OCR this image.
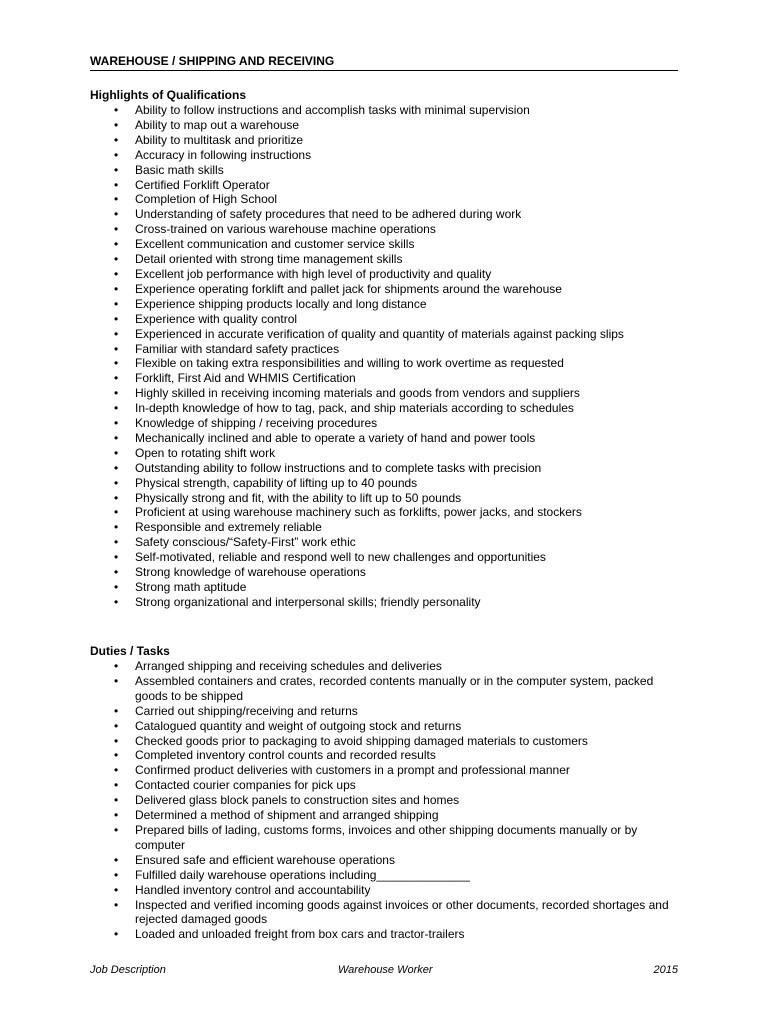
WAREHOUSE / SHIPPING AND RECEIVING
Highlights of Qualifications
• Ability to follow instructions and accomplish tasks with minimal supervision
• Ability to map out a warehouse
• Ability to multitask and prioritize
• Accuracy in following instructions
• Basic math skills
• Certified Forklift Operator
• Completion of High School
• Understanding of safety procedures that need to be adhered during work
• Cross-trained on various warehouse machine operations
• Excellent communication and customer service skills
• Detail oriented with strong time management skills
• Excellent job performance with high level of productivity and quality
• Experience operating forklift and pallet jack for shipments around the warehouse
• Experience shipping products locally and long distance
• Experience with quality control
• Experienced in accurate verification of quality and quantity of materials against packing slips
• Familiar with standard safety practices
• Flexible on taking extra responsibilities and willing to work overtime as requested
• Forklift, First Aid and WHMIS Certification
• Highly skilled in receiving incoming materials and goods from vendors and suppliers
• In-depth knowledge of how to tag, pack, and ship materials according to schedules
• Knowledge of shipping / receiving procedures
• Mechanically inclined and able to operate a variety of hand and power tools
• Open to rotating shift work
• Outstanding ability to follow instructions and to complete tasks with precision
• Physical strength, capability of lifting up to 40 pounds
• Physically strong and fit, with the ability to lift up to 50 pounds
• Proficient at using warehouse machinery such as forklifts, power jacks, and stockers
• Responsible and extremely reliable
• Safety conscious/“Safety-First” work ethic
• Self-motivated, reliable and respond well to new challenges and opportunities
• Strong knowledge of warehouse operations
• Strong math aptitude
• Strong organizational and interpersonal skills; friendly personality
Duties / Tasks
• Arranged shipping and receiving schedules and deliveries
• Assembled containers and crates, recorded contents manually or in the computer system, packed goods to be shipped
• Carried out shipping/receiving and returns
• Catalogued quantity and weight of outgoing stock and returns
• Checked goods prior to packaging to avoid shipping damaged materials to customers
• Completed inventory control counts and recorded results
• Confirmed product deliveries with customers in a prompt and professional manner
• Contacted courier companies for pick ups
• Delivered glass block panels to construction sites and homes
• Determined a method of shipment and arranged shipping
• Prepared bills of lading, customs forms, invoices and other shipping documents manually or by computer
• Ensured safe and efficient warehouse operations
• Fulfilled daily warehouse operations including______________
• Handled inventory control and accountability
• Inspected and verified incoming goods against invoices or other documents, recorded shortages and rejected damaged goods
• Loaded and unloaded freight from box cars and tractor-trailers
Job Description	Warehouse Worker	2015
